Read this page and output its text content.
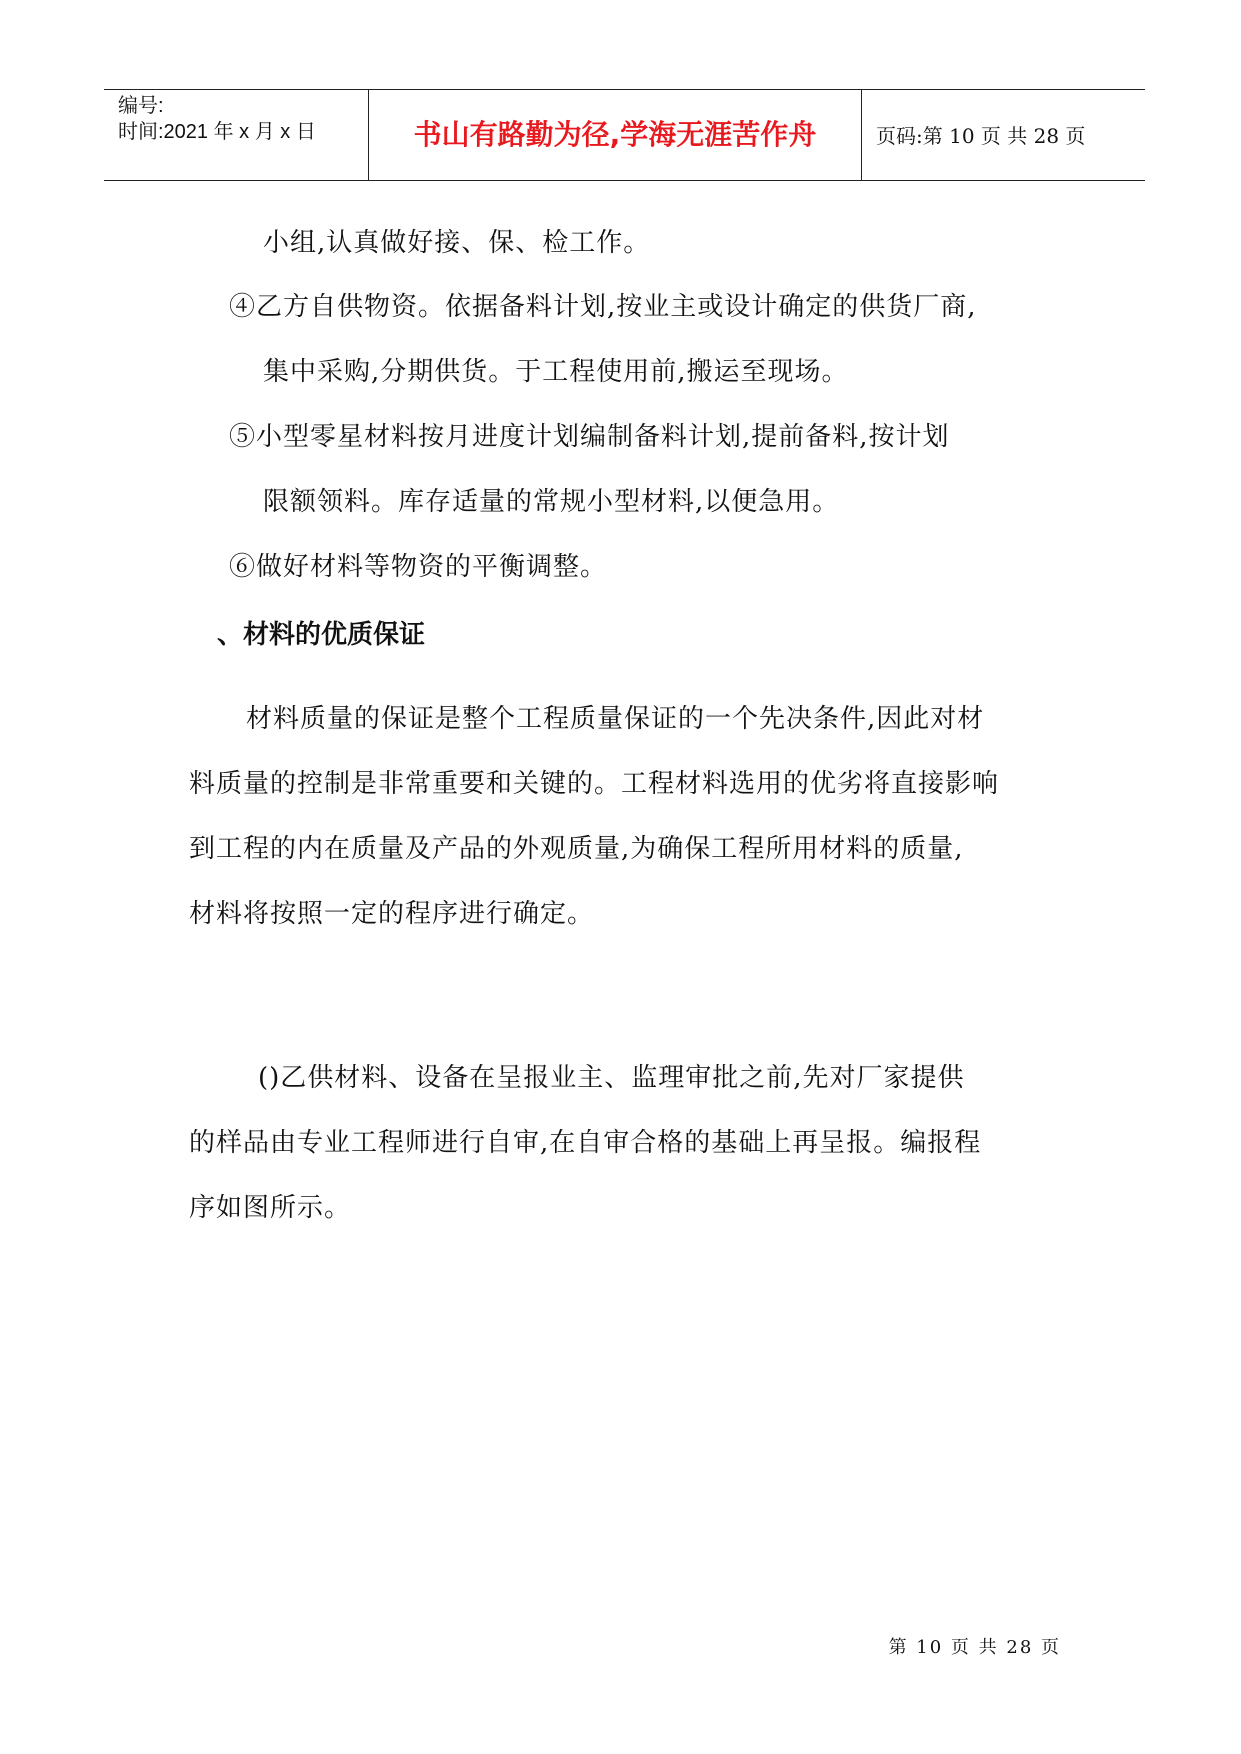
编号:
时间:2021 年 x 月 x 日	书山有路勤为径,学海无涯苦作舟	页码:第 10 页 共 28 页
小组,认真做好接、保、检工作。
④乙方自供物资。依据备料计划,按业主或设计确定的供货厂商,
集中采购,分期供货。于工程使用前,搬运至现场。
⑤小型零星材料按月进度计划编制备料计划,提前备料,按计划
限额领料。库存适量的常规小型材料,以便急用。
⑥做好材料等物资的平衡调整。
、材料的优质保证
材料质量的保证是整个工程质量保证的一个先决条件,因此对材
料质量的控制是非常重要和关键的。工程材料选用的优劣将直接影响
到工程的内在质量及产品的外观质量,为确保工程所用材料的质量,
材料将按照一定的程序进行确定。
()乙供材料、设备在呈报业主、监理审批之前,先对厂家提供
的样品由专业工程师进行自审,在自审合格的基础上再呈报。编报程
序如图所示。
第 10 页 共 28 页
